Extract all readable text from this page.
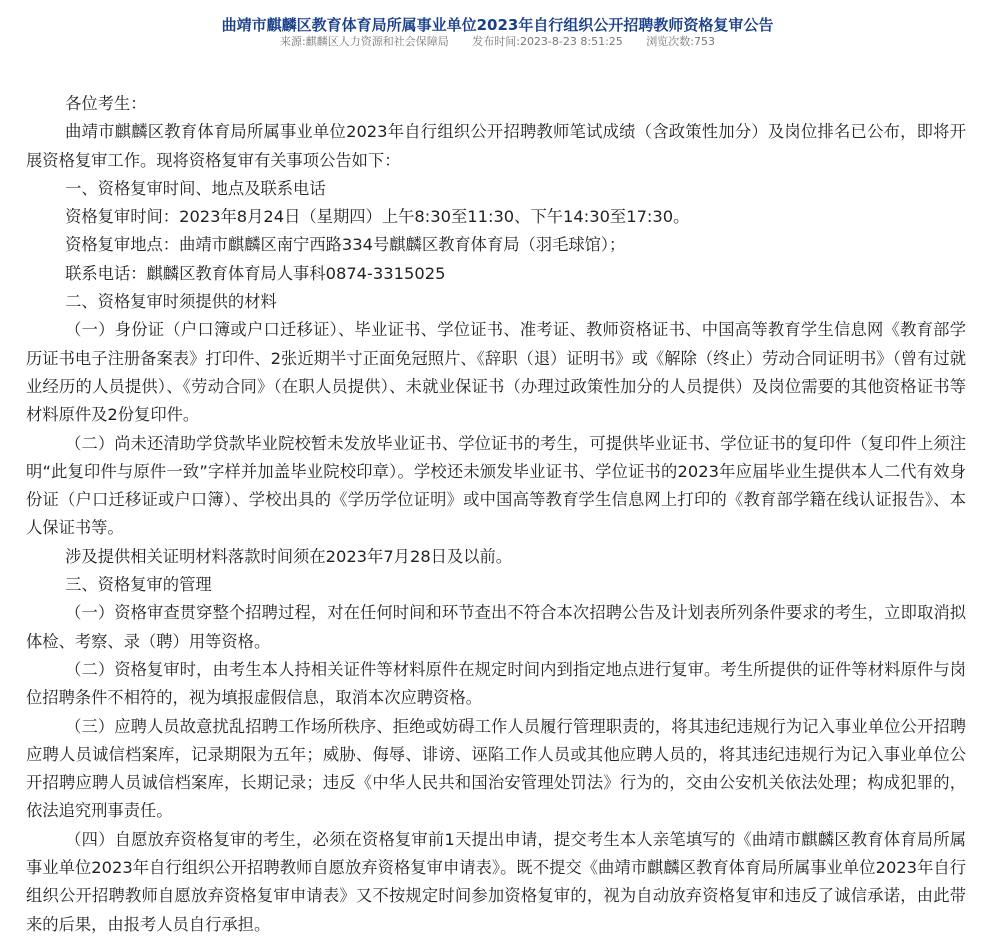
曲靖市麒麟区教育体育局所属事业单位2023年自行组织公开招聘教师资格复审公告
来源:麒麟区人力资源和社会保障局 发布时间:2023-8-23 8:51:25 浏览次数:753

各位考生：

曲靖市麒麟区教育体育局所属事业单位2023年自行组织公开招聘教师笔试成绩（含政策性加分）及岗位排名已公布，即将开展资格复审工作。现将资格复审有关事项公告如下：

一、资格复审时间、地点及联系电话

资格复审时间：2023年8月24日（星期四）上午8:30至11:30、下午14:30至17:30。

资格复审地点：曲靖市麒麟区南宁西路334号麒麟区教育体育局（羽毛球馆）；

联系电话：麒麟区教育体育局人事科0874-3315025

二、资格复审时须提供的材料

（一）身份证（户口簿或户口迁移证）、毕业证书、学位证书、准考证、教师资格证书、中国高等教育学生信息网《教育部学历证书电子注册备案表》打印件、2张近期半寸正面免冠照片、《辞职（退）证明书》或《解除（终止）劳动合同证明书》（曾有过就业经历的人员提供）、《劳动合同》（在职人员提供）、未就业保证书（办理过政策性加分的人员提供）及岗位需要的其他资格证书等材料原件及2份复印件。

（二）尚未还清助学贷款毕业院校暂未发放毕业证书、学位证书的考生，可提供毕业证书、学位证书的复印件（复印件上须注明“此复印件与原件一致”字样并加盖毕业院校印章）。学校还未颁发毕业证书、学位证书的2023年应届毕业生提供本人二代有效身份证（户口迁移证或户口簿）、学校出具的《学历学位证明》或中国高等教育学生信息网上打印的《教育部学籍在线认证报告》、本人保证书等。

涉及提供相关证明材料落款时间须在2023年7月28日及以前。

三、资格复审的管理

（一）资格审查贯穿整个招聘过程，对在任何时间和环节查出不符合本次招聘公告及计划表所列条件要求的考生，立即取消拟体检、考察、录（聘）用等资格。

（二）资格复审时，由考生本人持相关证件等材料原件在规定时间内到指定地点进行复审。考生所提供的证件等材料原件与岗位招聘条件不相符的，视为填报虚假信息，取消本次应聘资格。

（三）应聘人员故意扰乱招聘工作场所秩序、拒绝或妨碍工作人员履行管理职责的，将其违纪违规行为记入事业单位公开招聘应聘人员诚信档案库，记录期限为五年；威胁、侮辱、诽谤、诬陷工作人员或其他应聘人员的，将其违纪违规行为记入事业单位公开招聘应聘人员诚信档案库，长期记录；违反《中华人民共和国治安管理处罚法》行为的，交由公安机关依法处理；构成犯罪的，依法追究刑事责任。

（四）自愿放弃资格复审的考生，必须在资格复审前1天提出申请，提交考生本人亲笔填写的《曲靖市麒麟区教育体育局所属事业单位2023年自行组织公开招聘教师自愿放弃资格复审申请表》。既不提交《曲靖市麒麟区教育体育局所属事业单位2023年自行组织公开招聘教师自愿放弃资格复审申请表》又不按规定时间参加资格复审的，视为自动放弃资格复审和违反了诚信承诺，由此带来的后果，由报考人员自行承担。
